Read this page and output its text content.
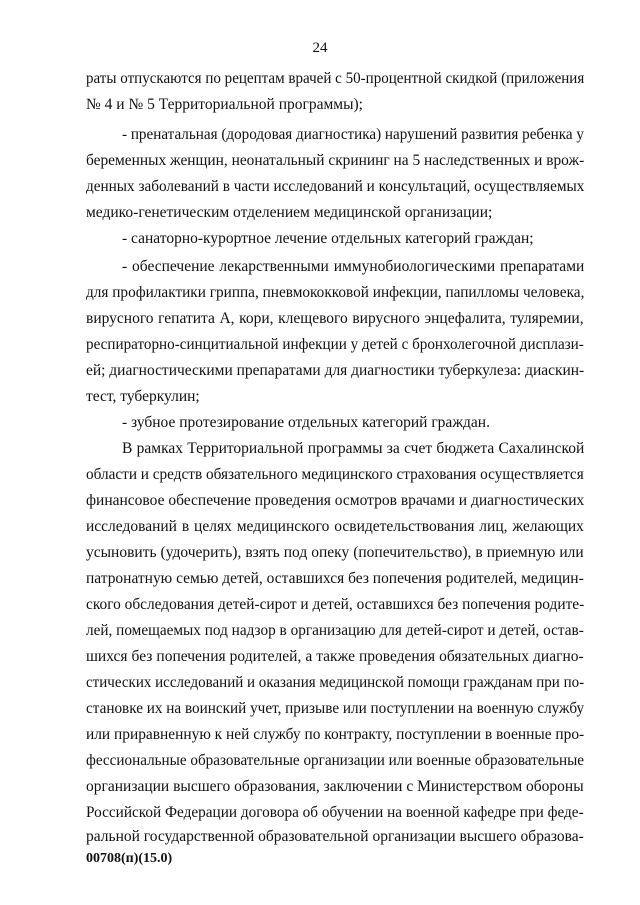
24
раты отпускаются по рецептам врачей с 50-процентной скидкой (приложения
№ 4 и № 5 Территориальной программы);
- пренатальная (дородовая диагностика) нарушений развития ребенка у
беременных женщин, неонатальный скрининг на 5 наследственных и врож-
денных заболеваний в части исследований и консультаций, осуществляемых
медико-генетическим отделением медицинской организации;
- санаторно-курортное лечение отдельных категорий граждан;
- обеспечение лекарственными иммунобиологическими препаратами
для профилактики гриппа, пневмококковой инфекции, папилломы человека,
вирусного гепатита А, кори, клещевого вирусного энцефалита, туляремии,
респираторно-синцитиальной инфекции у детей с бронхолегочной дисплази-
ей; диагностическими препаратами для диагностики туберкулеза: диаскин-
тест, туберкулин;
- зубное протезирование отдельных категорий граждан.
В рамках Территориальной программы за счет бюджета Сахалинской
области и средств обязательного медицинского страхования осуществляется
финансовое обеспечение проведения осмотров врачами и диагностических
исследований в целях медицинского освидетельствования лиц, желающих
усыновить (удочерить), взять под опеку (попечительство), в приемную или
патронатную семью детей, оставшихся без попечения родителей, медицин-
ского обследования детей-сирот и детей, оставшихся без попечения родите-
лей, помещаемых под надзор в организацию для детей-сирот и детей, остав-
шихся без попечения родителей, а также проведения обязательных диагно-
стических исследований и оказания медицинской помощи гражданам при по-
становке их на воинский учет, призыве или поступлении на военную службу
или приравненную к ней службу по контракту, поступлении в военные про-
фессиональные образовательные организации или военные образовательные
организации высшего образования, заключении с Министерством обороны
Российской Федерации договора об обучении на военной кафедре при феде-
ральной государственной образовательной организации высшего образова-
00708(п)(15.0)
